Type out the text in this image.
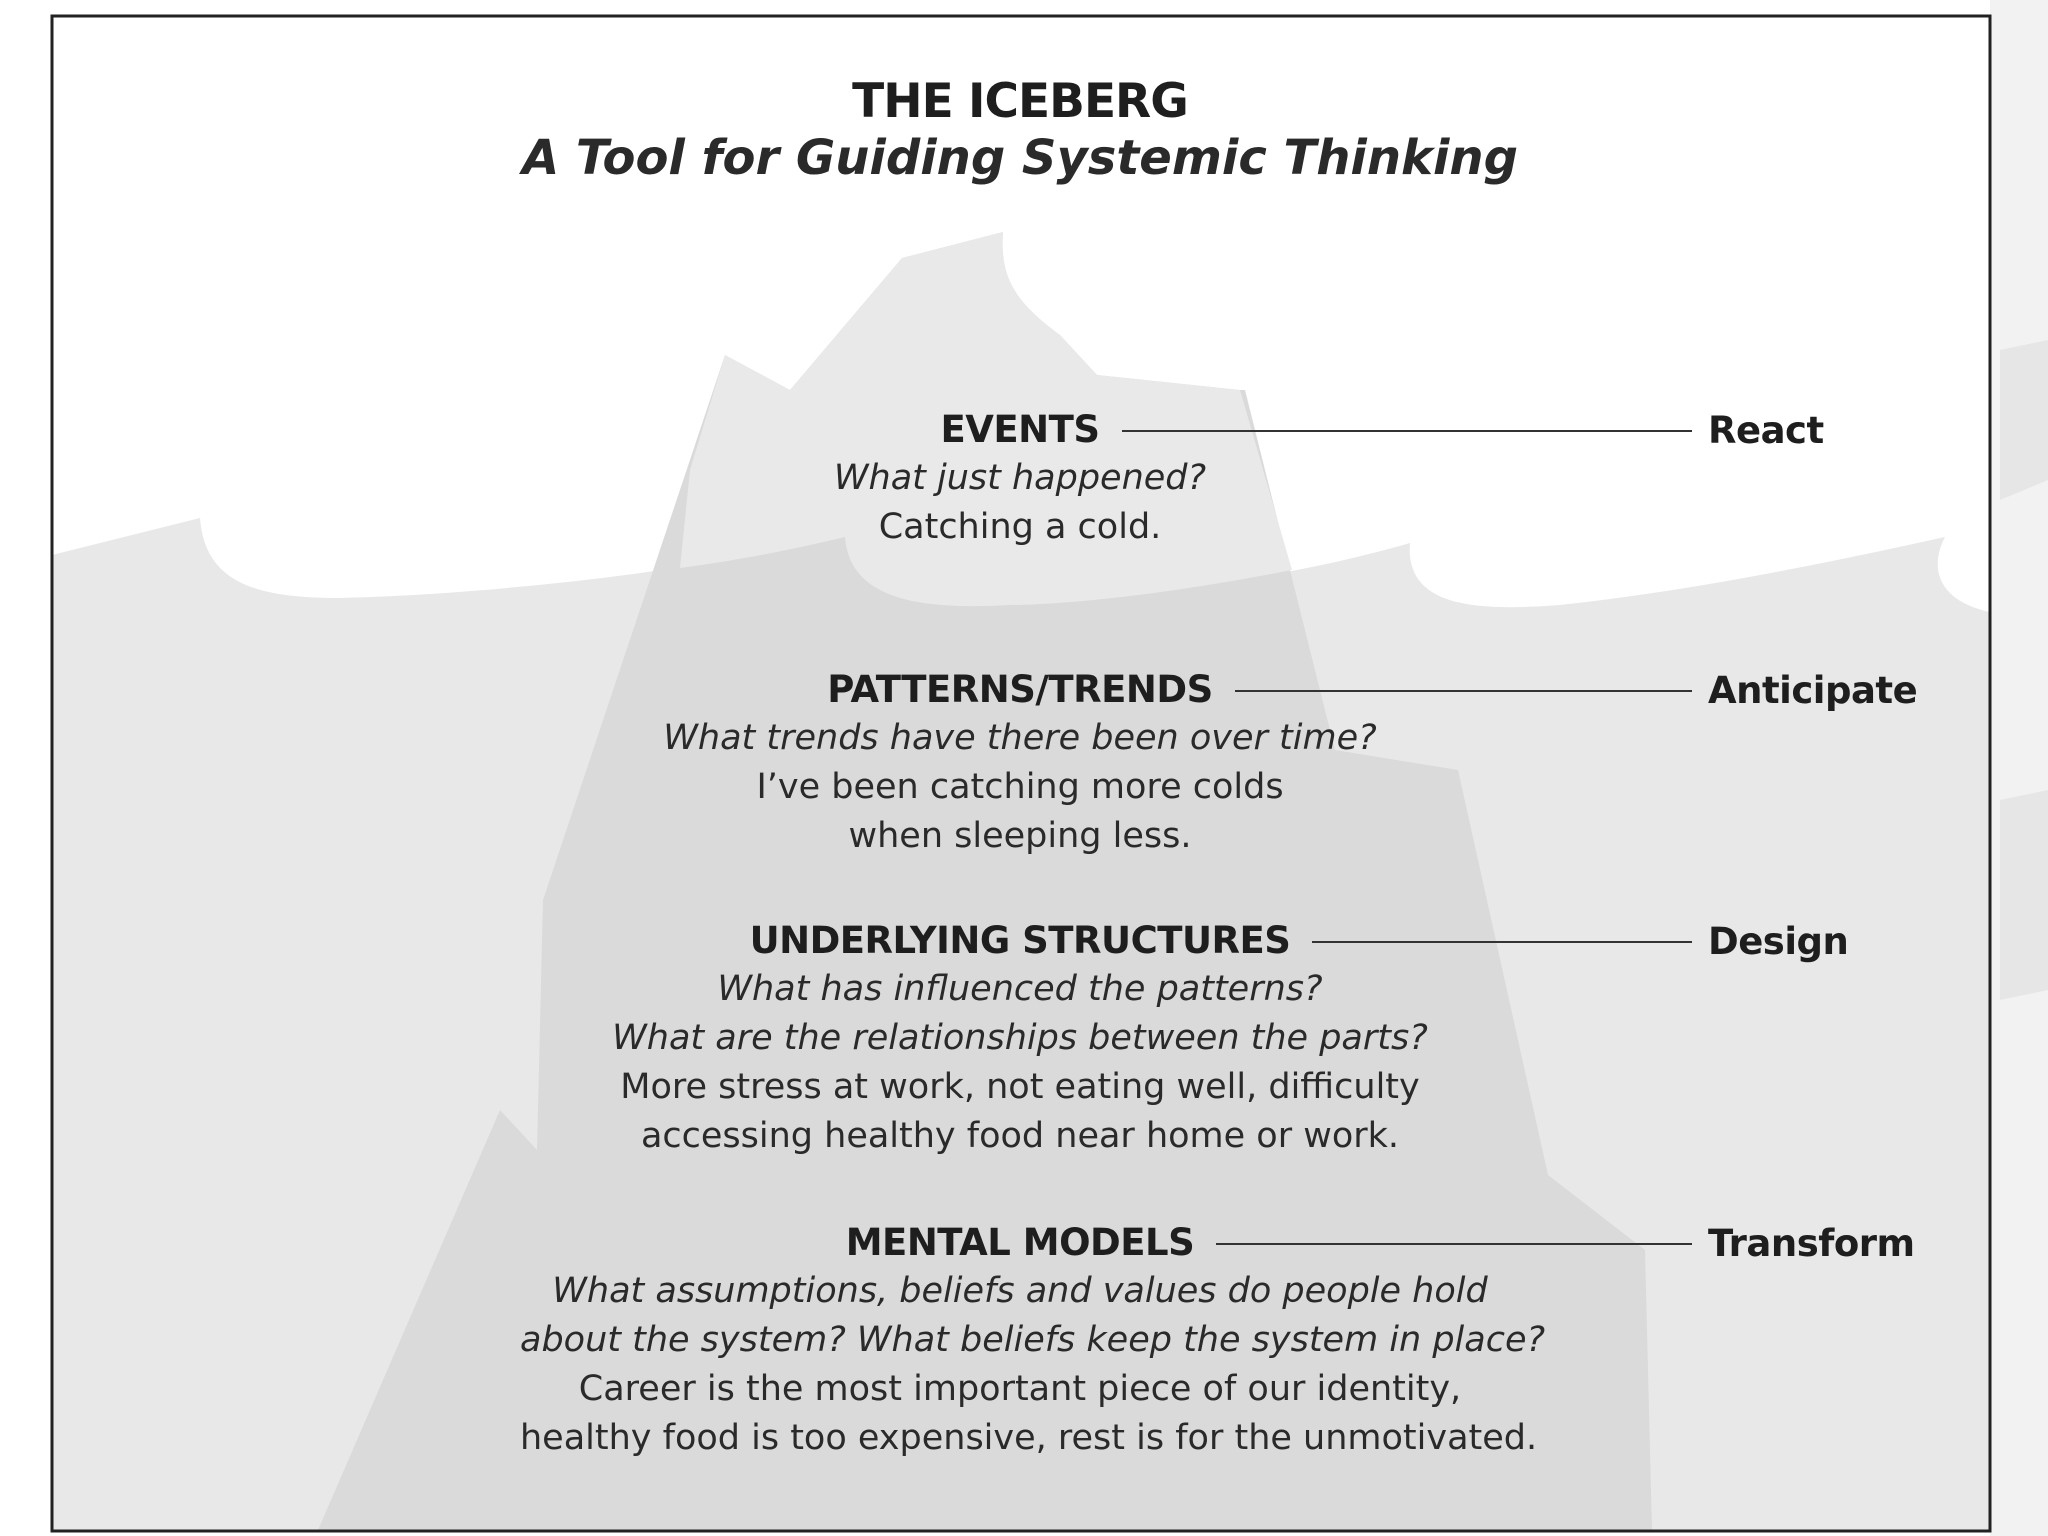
THE ICEBERG
A Tool for Guiding Systemic Thinking
EVENTS
What just happened?
Catching a cold.
React
PATTERNS/TRENDS
What trends have there been over time?
I’ve been catching more colds
when sleeping less.
Anticipate
UNDERLYING STRUCTURES
What has influenced the patterns?
What are the relationships between the parts?
More stress at work, not eating well, difficulty
accessing healthy food near home or work.
Design
MENTAL MODELS
What assumptions, beliefs and values do people hold
about the system? What beliefs keep the system in place?
Career is the most important piece of our identity,
healthy food is too expensive, rest is for the unmotivated.
Transform
